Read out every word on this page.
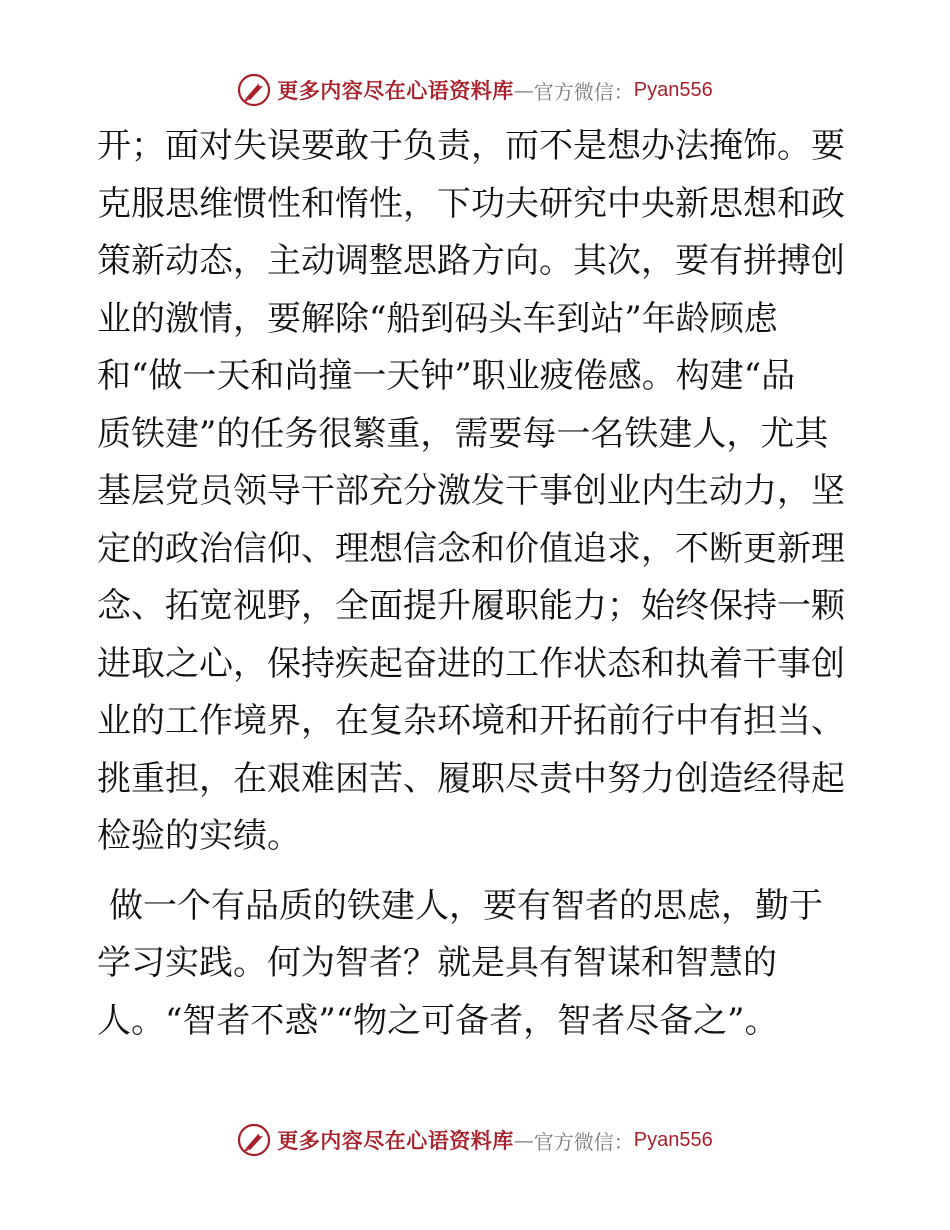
更多内容尽在心语资料库 — 官方微信： Pyan556
开；面对失误要敢于负责，而不是想办法掩饰。要
克服思维惯性和惰性，下功夫研究中央新思想和政
策新动态，主动调整思路方向。其次，要有拼搏创
业的激情，要解除“船到码头车到站”年龄顾虑
和“做一天和尚撞一天钟”职业疲倦感。构建“品
质铁建”的任务很繁重，需要每一名铁建人，尤其
基层党员领导干部充分激发干事创业内生动力，坚
定的政治信仰、理想信念和价值追求，不断更新理
念、拓宽视野，全面提升履职能力；始终保持一颗
进取之心，保持疾起奋进的工作状态和执着干事创
业的工作境界，在复杂环境和开拓前行中有担当、
挑重担，在艰难困苦、履职尽责中努力创造经得起
检验的实绩。
做一个有品质的铁建人，要有智者的思虑，勤于
学习实践。何为智者？就是具有智谋和智慧的
人。“智者不惑”“物之可备者，智者尽备之”。
更多内容尽在心语资料库 — 官方微信： Pyan556
